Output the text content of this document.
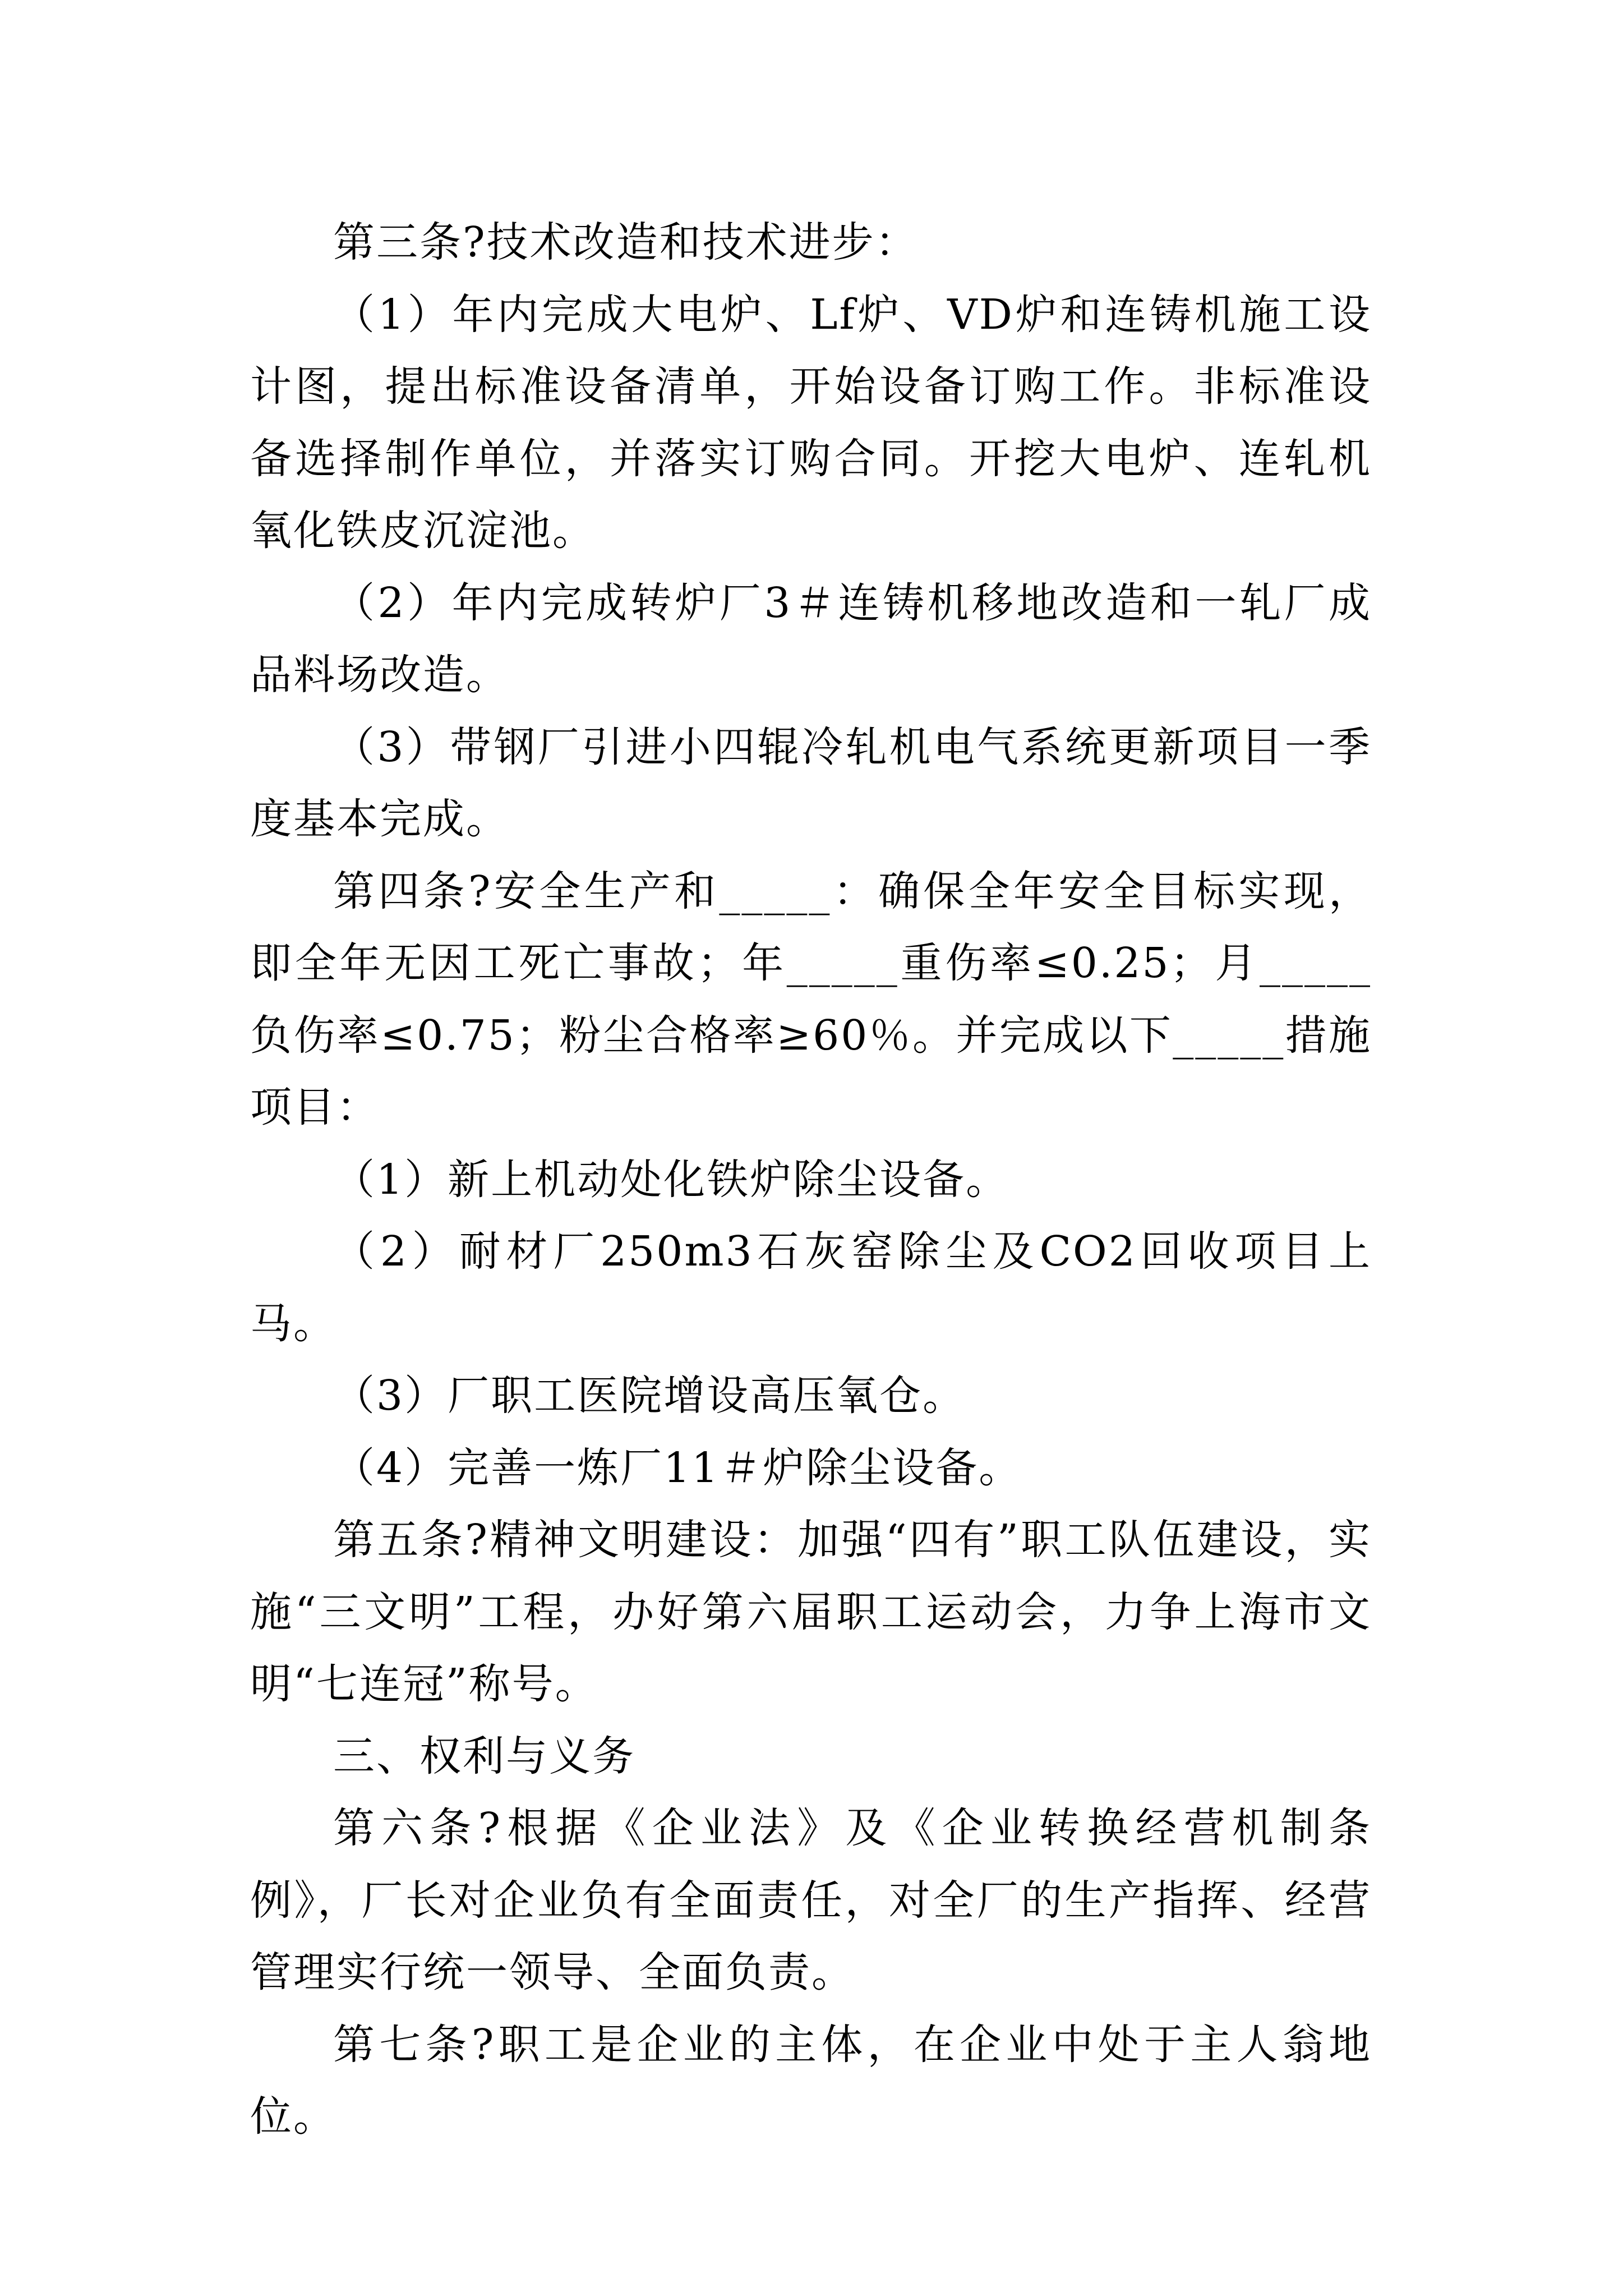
第三条?技术改造和技术进步：

（1）年内完成大电炉、Lf炉、VD炉和连铸机施工设计图，提出标准设备清单，开始设备订购工作。非标准设备选择制作单位，并落实订购合同。开挖大电炉、连轧机氧化铁皮沉淀池。

（2）年内完成转炉厂3＃连铸机移地改造和一轧厂成品料场改造。

（3）带钢厂引进小四辊冷轧机电气系统更新项目一季度基本完成。

第四条?安全生产和_____：确保全年安全目标实现，即全年无因工死亡事故；年_____重伤率≤0.25；月_____负伤率≤0.75；粉尘合格率≥60％。并完成以下_____措施项目：

（1）新上机动处化铁炉除尘设备。

（2）耐材厂250m3石灰窑除尘及CO2回收项目上马。

（3）厂职工医院增设高压氧仓。

（4）完善一炼厂11＃炉除尘设备。

第五条?精神文明建设：加强“四有”职工队伍建设，实施“三文明”工程，办好第六届职工运动会，力争上海市文明“七连冠”称号。

三、权利与义务

第六条?根据《企业法》及《企业转换经营机制条例》，厂长对企业负有全面责任，对全厂的生产指挥、经营管理实行统一领导、全面负责。

第七条?职工是企业的主体，在企业中处于主人翁地位。
